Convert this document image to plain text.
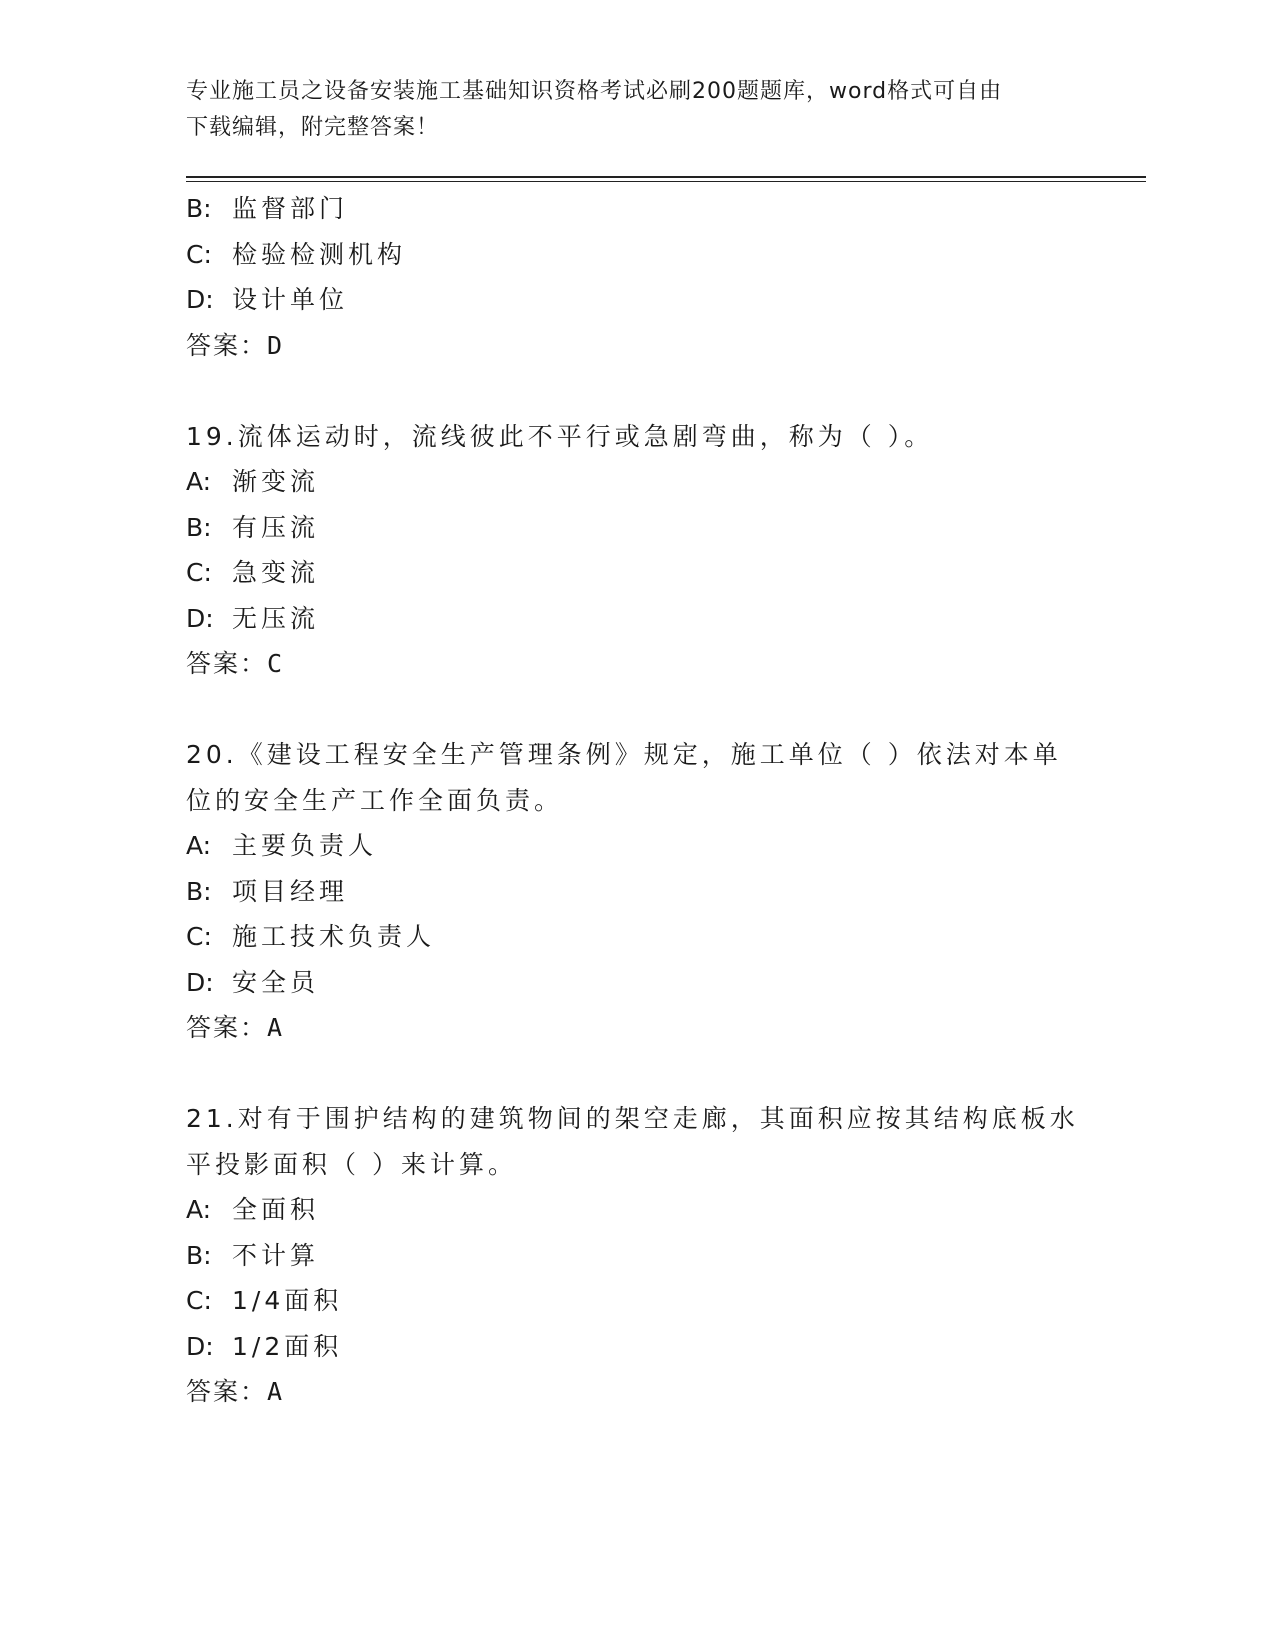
专业施工员之设备安装施工基础知识资格考试必刷200题题库，word格式可自由
下载编辑，附完整答案！
B: 监督部门
C: 检验检测机构
D: 设计单位
答案：D
19.流体运动时，流线彼此不平行或急剧弯曲，称为（ ）。
A: 渐变流
B: 有压流
C: 急变流
D: 无压流
答案：C
20.《建设工程安全生产管理条例》规定，施工单位（ ）依法对本单
位的安全生产工作全面负责。
A: 主要负责人
B: 项目经理
C: 施工技术负责人
D: 安全员
答案：A
21.对有于围护结构的建筑物间的架空走廊，其面积应按其结构底板水
平投影面积（ ）来计算。
A: 全面积
B: 不计算
C: 1/4面积
D: 1/2面积
答案：A
